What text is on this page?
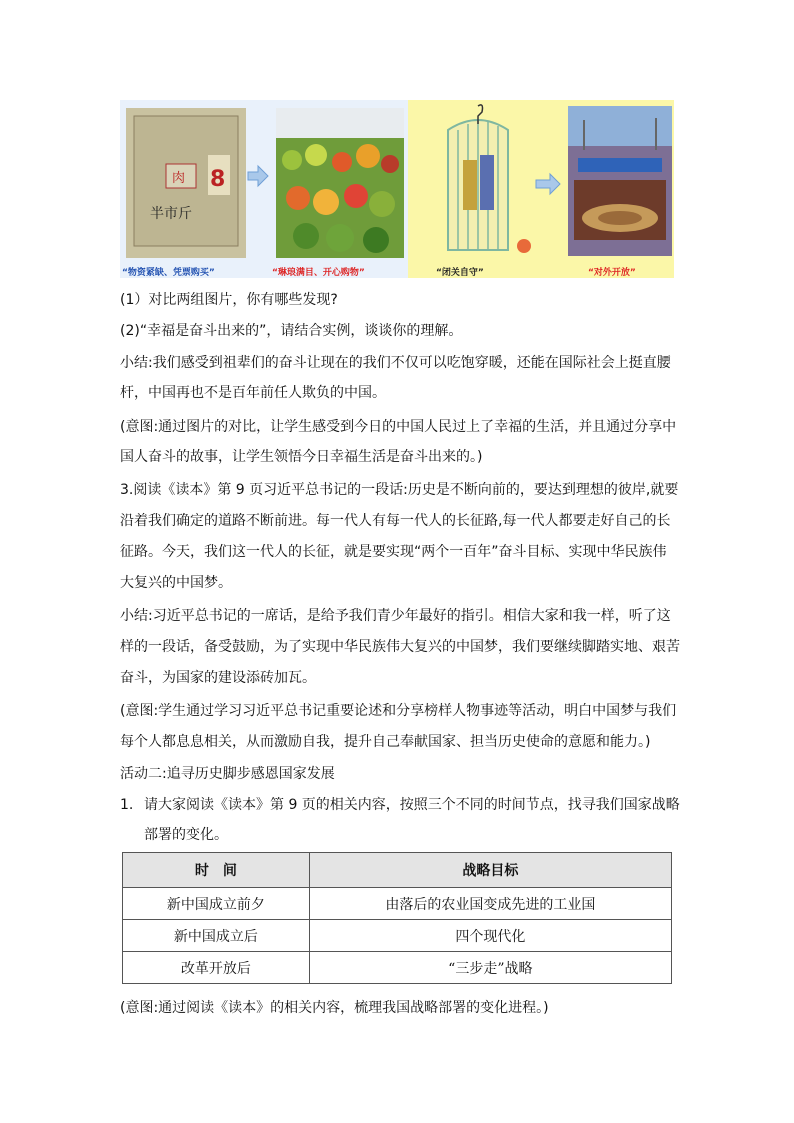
肉
半市斤
8
“物资紧缺、凭票购买”	“琳琅满目、开心购物”	“闭关自守”	“对外开放”
(1）对比两组图片，你有哪些发现?
(2)“幸福是奋斗出来的”，请结合实例，谈谈你的理解。
小结:我们感受到祖辈们的奋斗让现在的我们不仅可以吃饱穿暖，还能在国际社会上挺直腰
杆，中国再也不是百年前任人欺负的中国。
(意图:通过图片的对比，让学生感受到今日的中国人民过上了幸福的生活，并且通过分享中
国人奋斗的故事，让学生领悟今日幸福生活是奋斗出来的。)
3.阅读《读本》第 9 页习近平总书记的一段话:历史是不断向前的，要达到理想的彼岸,就要
沿着我们确定的道路不断前进。每一代人有每一代人的长征路,每一代人都要走好自己的长
征路。今天，我们这一代人的长征，就是要实现“两个一百年”奋斗目标、实现中华民族伟
大复兴的中国梦。
小结:习近平总书记的一席话，是给予我们青少年最好的指引。相信大家和我一样，听了这
样的一段话，备受鼓励，为了实现中华民族伟大复兴的中国梦，我们要继续脚踏实地、艰苦
奋斗，为国家的建设添砖加瓦。
(意图:学生通过学习习近平总书记重要论述和分享榜样人物事迹等活动，明白中国梦与我们
每个人都息息相关，从而激励自我，提升自己奉献国家、担当历史使命的意愿和能力。)
活动二:追寻历史脚步感恩国家发展
1. 请大家阅读《读本》第 9 页的相关内容，按照三个不同的时间节点，找寻我们国家战略
部署的变化。
(意图:通过阅读《读本》的相关内容，梳理我国战略部署的变化进程。)
时　间	战略目标
新中国成立前夕	由落后的农业国变成先进的工业国
新中国成立后	四个现代化
改革开放后	“三步走”战略
